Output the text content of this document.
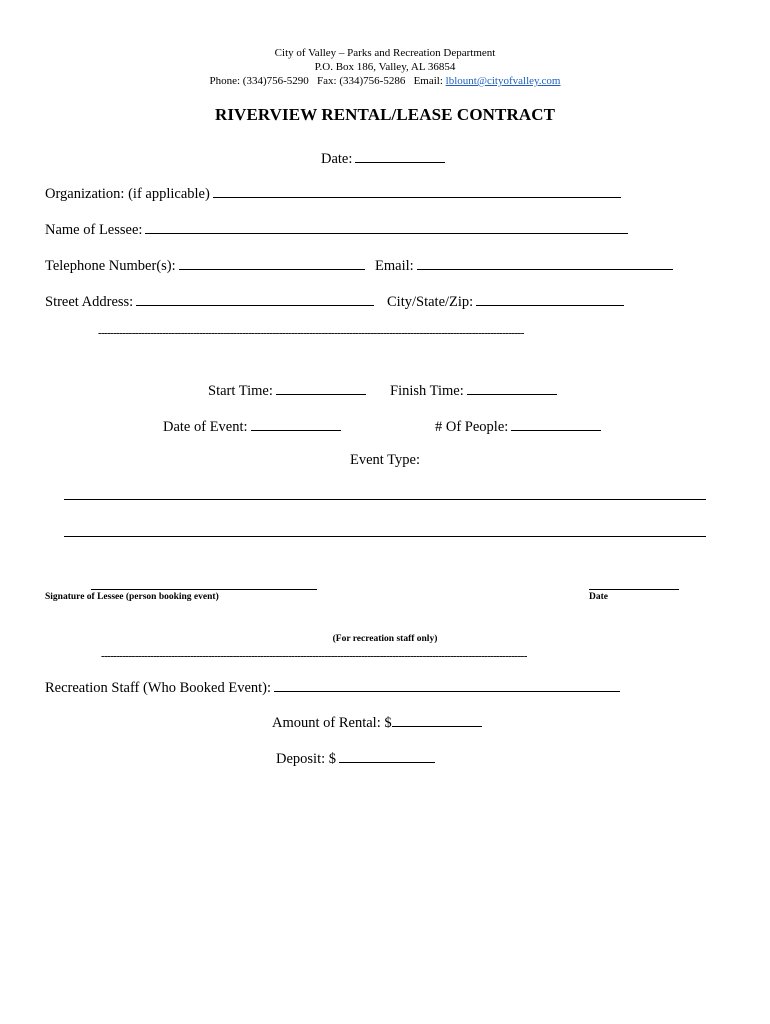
City of Valley – Parks and Recreation Department
P.O. Box 186, Valley, AL 36854
Phone: (334)756-5290   Fax: (334)756-5286   Email: lblount@cityofvalley.com
RIVERVIEW RENTAL/LEASE CONTRACT
Date:
Organization: (if applicable)
Name of Lessee:
Telephone Number(s):	Email:
Street Address:	City/State/Zip:
-------------------------------------------------------------------------------------------------------------------------------------------
Start Time:	Finish Time:
Date of Event:	# Of People:
Event Type:
Signature of Lessee (person booking event)	Date
(For recreation staff only)
-------------------------------------------------------------------------------------------------------------------------------------------
Recreation Staff (Who Booked Event):
Amount of Rental: $
Deposit: $
